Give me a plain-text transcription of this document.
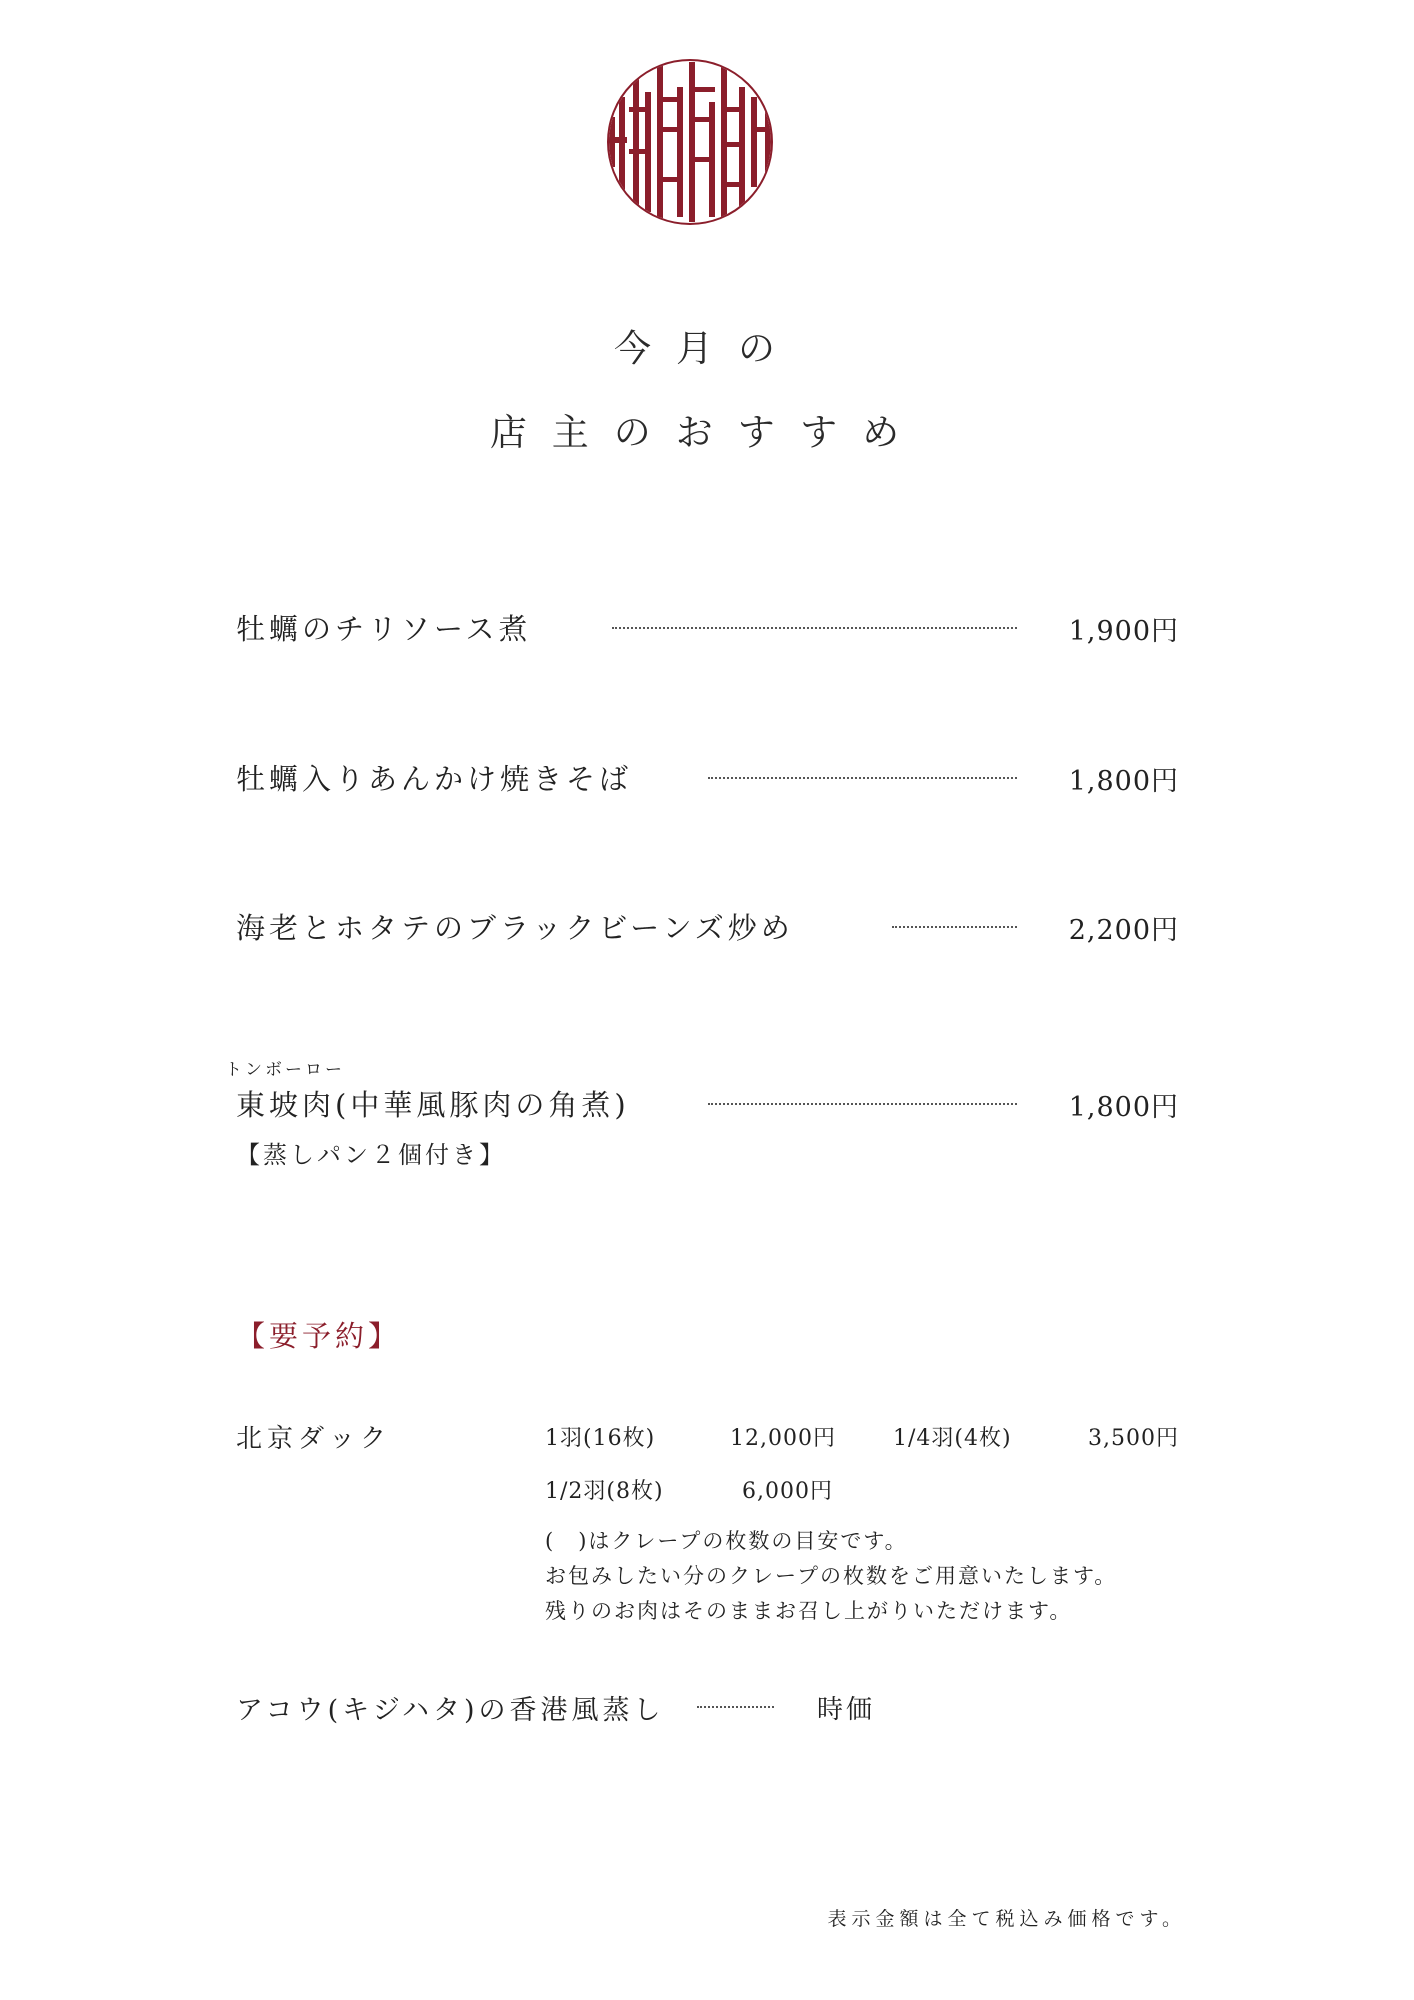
今月の
店主のおすすめ
牡蠣のチリソース煮	1,900円
牡蠣入りあんかけ焼きそば	1,800円
海老とホタテのブラックビーンズ炒め	2,200円
トンボーロー
東坡肉(中華風豚肉の角煮)	1,800円
【蒸しパン２個付き】
【要予約】
北京ダック	1羽(16枚)	12,000円	1/4羽(4枚)	3,500円
1/2羽(8枚)	6,000円
(　)はクレープの枚数の目安です。
お包みしたい分のクレープの枚数をご用意いたします。
残りのお肉はそのままお召し上がりいただけます。
アコウ(キジハタ)の香港風蒸し	時価
表示金額は全て税込み価格です。
